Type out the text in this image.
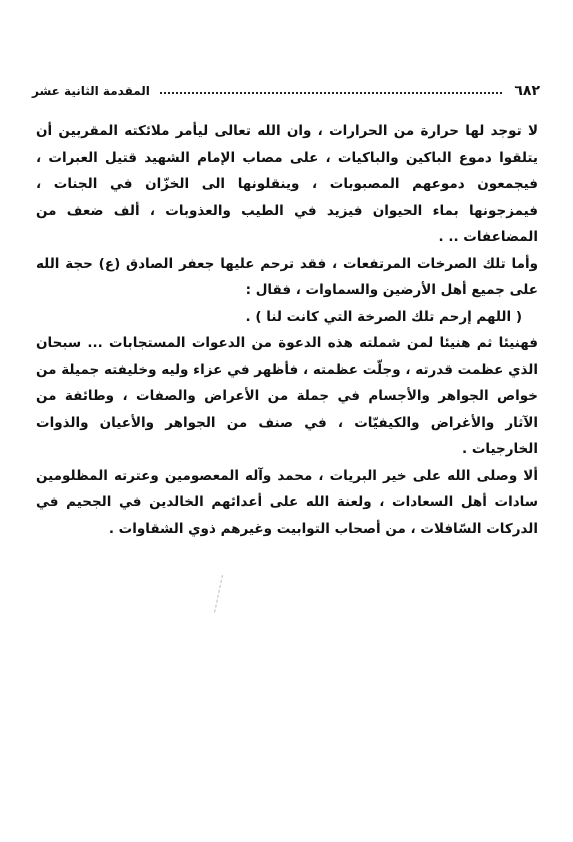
٦٨٢
المقدمة الثانية عشر

لا توجد لها حرارة من الحرارات ، وان الله تعالى ليأمر ملائكته المقربين أن يتلقوا دموع الباكين والباكيات ، على مصاب الإمام الشهيد قتيل العبرات ، فيجمعون دموعهم المصبوبات ، وينقلونها الى الخزّان في الجنات ، فيمزجونها بماء الحيوان فيزيد في الطيب والعذوبات ، ألف ضعف من المضاعفات .. .

وأما تلك الصرخات المرتفعات ، فقد ترحم عليها جعفر الصادق (ع) حجة الله على جميع أهل الأرضين والسماوات ، فقال :

( اللهم إرحم تلك الصرخة التي كانت لنا ) .

فهنيئا ثم هنيئا لمن شملته هذه الدعوة من الدعوات المستجابات ... سبحان الذي عظمت قدرته ، وجلّت عظمته ، فأظهر في عزاء وليه وخليفته جميلة من خواص الجواهر والأجسام في جملة من الأعراض والصفات ، وطائفة من الآثار والأغراض والكيفيّات ، في صنف من الجواهر والأعيان والذوات الخارجيات .

ألا وصلى الله على خير البريات ، محمد وآله المعصومين وعترته المظلومين سادات أهل السعادات ، ولعنة الله على أعدائهم الخالدين في الجحيم في الدركات السّافلات ، من أصحاب التوابيت وغيرهم ذوي الشقاوات .
